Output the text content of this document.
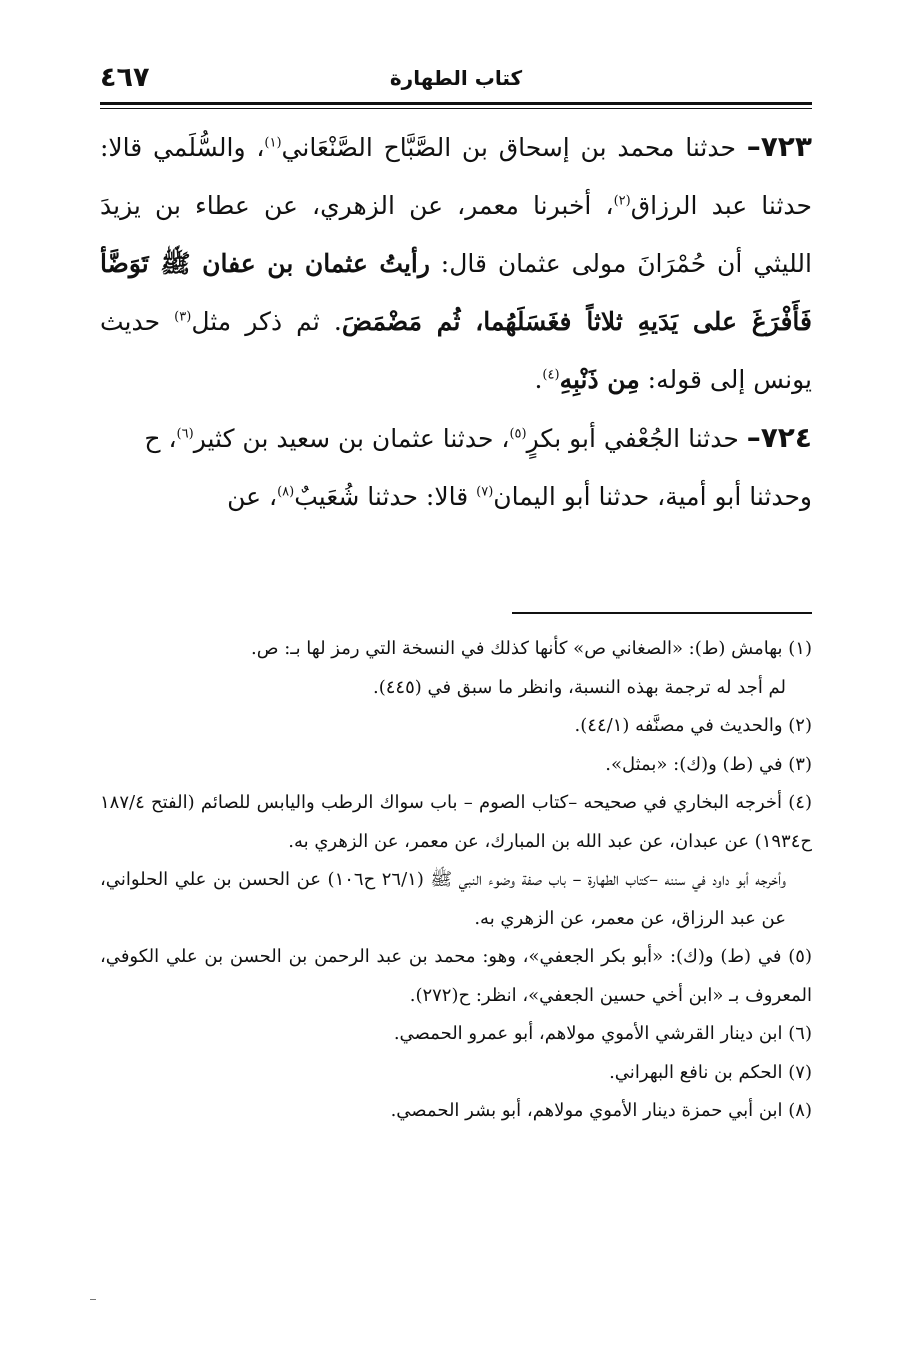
كتاب الطهارة
٤٦٧

٧٢٣– حدثنا محمد بن إسحاق بن الصَّبَّاح الصَّنْعَاني$^{(١)}$، والسُّلَمي قالا: حدثنا عبد الرزاق$^{(٢)}$، أخبرنا معمر، عن الزهري، عن عطاء بن يزيدَ الليثي أن حُمْرَانَ مولى عثمان قال: رأيتُ عثمان بن عفان ﷺ تَوَضَّأ فَأَفْرَغَ على يَدَيهِ ثلاثاً فغَسَلَهُما، ثُم مَضْمَضَ. ثم ذكر مثل$^{(٣)}$ حديث يونس إلى قوله: مِن ذَنْبِهِ$^{(٤)}$.

٧٢٤– حدثنا الجُعْفي أبو بكرٍ$^{(٥)}$، حدثنا عثمان بن سعيد بن كثير$^{(٦)}$، ح

وحدثنا أبو أمية، حدثنا أبو اليمان$^{(٧)}$ قالا: حدثنا شُعَيبٌ$^{(٨)}$، عن

(١) بهامش (ط): «الصغاني ص» كأنها كذلك في النسخة التي رمز لها بـ: ص.

لم أجد له ترجمة بهذه النسبة، وانظر ما سبق في (٤٤٥).

(٢) والحديث في مصنَّفه (٤٤/١).

(٣) في (ط) و(ك): «بمثل».

(٤) أخرجه البخاري في صحيحه –كتاب الصوم – باب سواك الرطب واليابس للصائم (الفتح ١٨٧/٤ ح١٩٣٤) عن عبدان، عن عبد الله بن المبارك، عن معمر، عن الزهري به.

وأخرجه أبو داود في سننه –كتاب الطهارة – باب صفة وضوء النبي ﷺ (٢٦/١ ح١٠٦) عن الحسن بن علي الحلواني، عن عبد الرزاق، عن معمر، عن الزهري به.

(٥) في (ط) و(ك): «أبو بكر الجعفي»، وهو: محمد بن عبد الرحمن بن الحسن بن علي الكوفي، المعروف بـ «ابن أخي حسين الجعفي»، انظر: ح(٢٧٢).

(٦) ابن دينار القرشي الأموي مولاهم، أبو عمرو الحمصي.

(٧) الحكم بن نافع البهراني.

(٨) ابن أبي حمزة دينار الأموي مولاهم، أبو بشر الحمصي.
